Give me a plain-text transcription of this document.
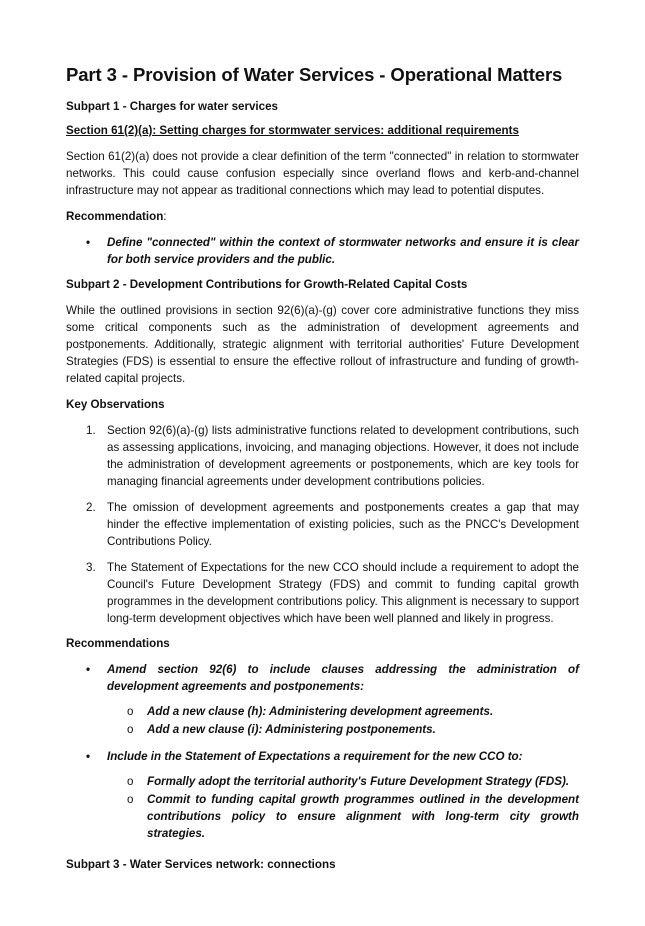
Part 3 - Provision of Water Services - Operational Matters
Subpart 1 - Charges for water services
Section 61(2)(a): Setting charges for stormwater services: additional requirements

Section 61(2)(a) does not provide a clear definition of the term "connected" in relation to stormwater networks. This could cause confusion especially since overland flows and kerb-and-channel infrastructure may not appear as traditional connections which may lead to potential disputes.

Recommendation:
• Define "connected" within the context of stormwater networks and ensure it is clear for both service providers and the public.
Subpart 2 - Development Contributions for Growth-Related Capital Costs

While the outlined provisions in section 92(6)(a)-(g) cover core administrative functions they miss some critical components such as the administration of development agreements and postponements. Additionally, strategic alignment with territorial authorities' Future Development Strategies (FDS) is essential to ensure the effective rollout of infrastructure and funding of growth-related capital projects.

Key Observations
1. Section 92(6)(a)-(g) lists administrative functions related to development contributions, such as assessing applications, invoicing, and managing objections. However, it does not include the administration of development agreements or postponements, which are key tools for managing financial agreements under development contributions policies.
2. The omission of development agreements and postponements creates a gap that may hinder the effective implementation of existing policies, such as the PNCC's Development Contributions Policy.
3. The Statement of Expectations for the new CCO should include a requirement to adopt the Council's Future Development Strategy (FDS) and commit to funding capital growth programmes in the development contributions policy. This alignment is necessary to support long-term development objectives which have been well planned and likely in progress.
Recommendations
• Amend section 92(6) to include clauses addressing the administration of development agreements and postponements:
o Add a new clause (h): Administering development agreements.
o Add a new clause (i): Administering postponements.
• Include in the Statement of Expectations a requirement for the new CCO to:
o Formally adopt the territorial authority's Future Development Strategy (FDS).
o Commit to funding capital growth programmes outlined in the development contributions policy to ensure alignment with long-term city growth strategies.
Subpart 3 - Water Services network: connections
